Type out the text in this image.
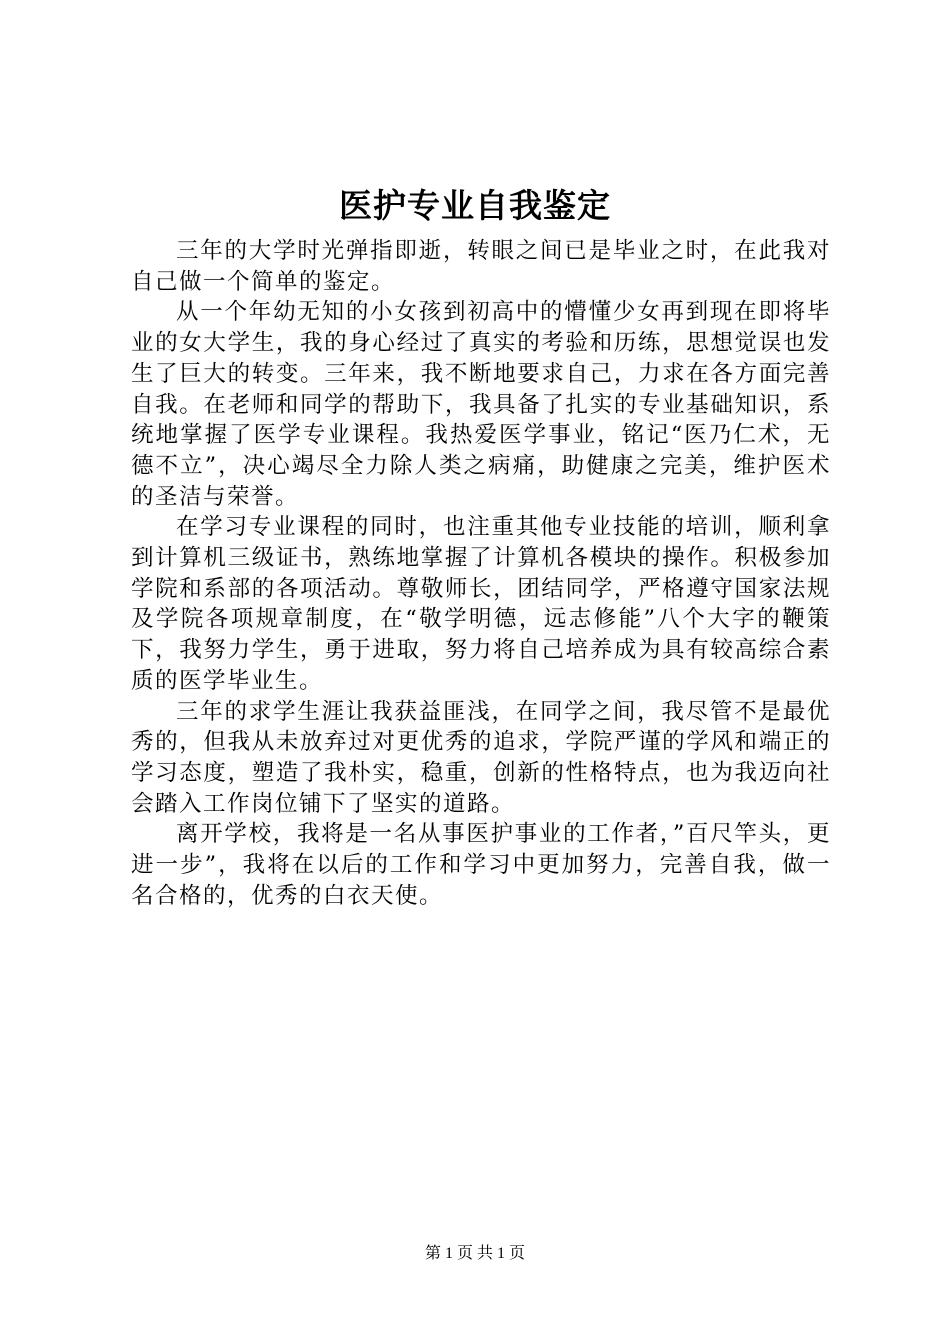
医护专业自我鉴定

三年的大学时光弹指即逝，转眼之间已是毕业之时，在此我对自己做一个简单的鉴定。

从一个年幼无知的小女孩到初高中的懵懂少女再到现在即将毕业的女大学生，我的身心经过了真实的考验和历练，思想觉误也发生了巨大的转变。三年来，我不断地要求自己，力求在各方面完善自我。在老师和同学的帮助下，我具备了扎实的专业基础知识，系统地掌握了医学专业课程。我热爱医学事业，铭记“医乃仁术，无德不立”，决心竭尽全力除人类之病痛，助健康之完美，维护医术的圣洁与荣誉。

在学习专业课程的同时，也注重其他专业技能的培训，顺利拿到计算机三级证书，熟练地掌握了计算机各模块的操作。积极参加学院和系部的各项活动。尊敬师长，团结同学，严格遵守国家法规及学院各项规章制度，在“敬学明德，远志修能”八个大字的鞭策下，我努力学生，勇于进取，努力将自己培养成为具有较高综合素质的医学毕业生。

三年的求学生涯让我获益匪浅，在同学之间，我尽管不是最优秀的，但我从未放弃过对更优秀的追求，学院严谨的学风和端正的学习态度，塑造了我朴实，稳重，创新的性格特点，也为我迈向社会踏入工作岗位铺下了坚实的道路。

离开学校，我将是一名从事医护事业的工作者，”百尺竿头，更进一步”，我将在以后的工作和学习中更加努力，完善自我，做一名合格的，优秀的白衣天使。

第 1 页 共 1 页
